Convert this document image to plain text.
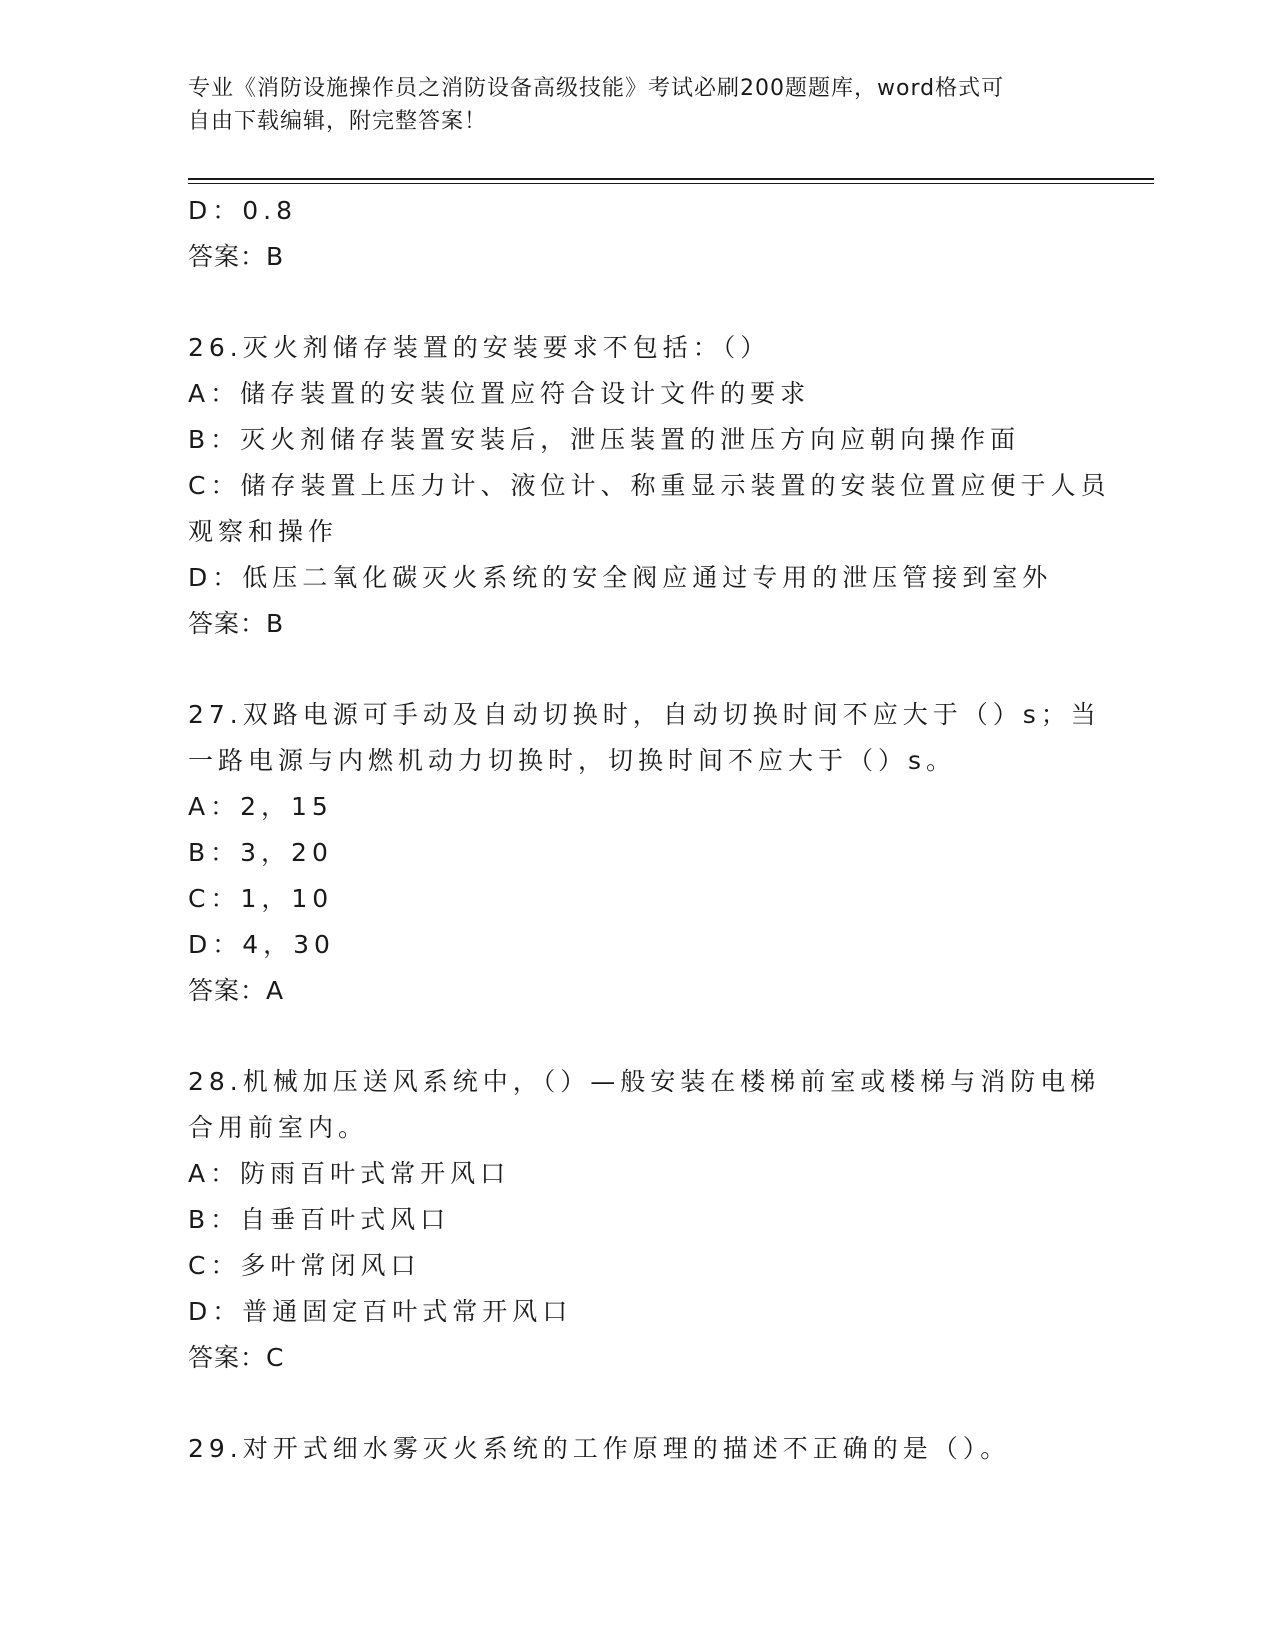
专业《消防设施操作员之消防设备高级技能》考试必刷200题题库，word格式可
自由下载编辑，附完整答案！
D：0.8
答案：B
26.灭火剂储存装置的安装要求不包括：（）
A：储存装置的安装位置应符合设计文件的要求
B：灭火剂储存装置安装后，泄压装置的泄压方向应朝向操作面
C：储存装置上压力计、液位计、称重显示装置的安装位置应便于人员
观察和操作
D：低压二氧化碳灭火系统的安全阀应通过专用的泄压管接到室外
答案：B
27.双路电源可手动及自动切换时，自动切换时间不应大于（）s；当
一路电源与内燃机动力切换时，切换时间不应大于（）s。
A：2，15
B：3，20
C：1，10
D：4，30
答案：A
28.机械加压送风系统中，（）—般安装在楼梯前室或楼梯与消防电梯
合用前室内。
A：防雨百叶式常开风口
B：自垂百叶式风口
C：多叶常闭风口
D：普通固定百叶式常开风口
答案：C
29.对开式细水雾灭火系统的工作原理的描述不正确的是（）。
